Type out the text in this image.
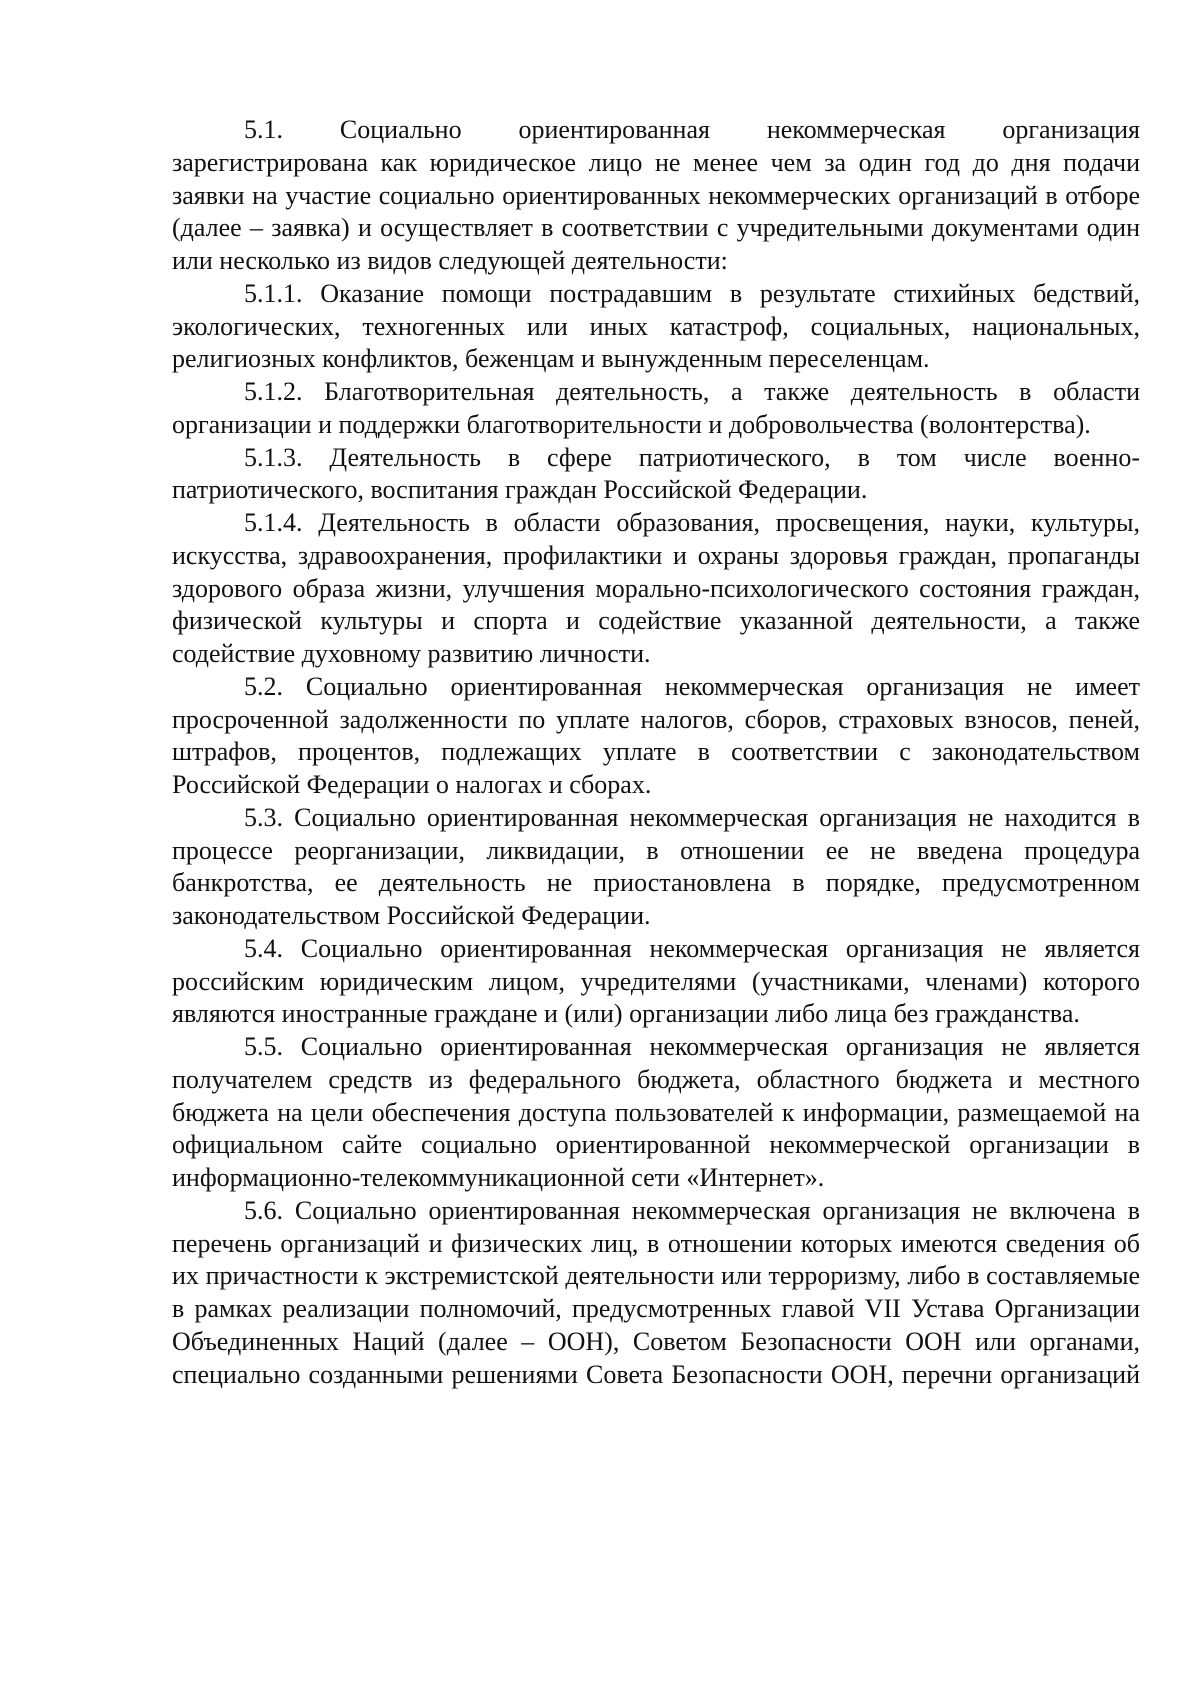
5.1. Социально ориентированная некоммерческая организация зарегистрирована как юридическое лицо не менее чем за один год до дня подачи заявки на участие социально ориентированных некоммерческих организаций в отборе (далее – заявка) и осуществляет в соответствии с учредительными документами один или несколько из видов следующей деятельности:

5.1.1. Оказание помощи пострадавшим в результате стихийных бедствий, экологических, техногенных или иных катастроф, социальных, национальных, религиозных конфликтов, беженцам и вынужденным переселенцам.

5.1.2. Благотворительная деятельность, а также деятельность в области организации и поддержки благотворительности и добровольчества (волонтерства).

5.1.3. Деятельность в сфере патриотического, в том числе военно-патриотического, воспитания граждан Российской Федерации.

5.1.4. Деятельность в области образования, просвещения, науки, культуры, искусства, здравоохранения, профилактики и охраны здоровья граждан, пропаганды здорового образа жизни, улучшения морально-психологического состояния граждан, физической культуры и спорта и содействие указанной деятельности, а также содействие духовному развитию личности.

5.2. Социально ориентированная некоммерческая организация не имеет просроченной задолженности по уплате налогов, сборов, страховых взносов, пеней, штрафов, процентов, подлежащих уплате в соответствии с законодательством Российской Федерации о налогах и сборах.

5.3. Социально ориентированная некоммерческая организация не находится в процессе реорганизации, ликвидации, в отношении ее не введена процедура банкротства, ее деятельность не приостановлена в порядке, предусмотренном законодательством Российской Федерации.

5.4. Социально ориентированная некоммерческая организация не является российским юридическим лицом, учредителями (участниками, членами) которого являются иностранные граждане и (или) организации либо лица без гражданства.

5.5. Социально ориентированная некоммерческая организация не является получателем средств из федерального бюджета, областного бюджета и местного бюджета на цели обеспечения доступа пользователей к информации, размещаемой на официальном сайте социально ориентированной некоммерческой организации в информационно-телекоммуникационной сети «Интернет».

5.6. Социально ориентированная некоммерческая организация не включена в перечень организаций и физических лиц, в отношении которых имеются сведения об их причастности к экстремистской деятельности или терроризму, либо в составляемые в рамках реализации полномочий, предусмотренных главой VII Устава Организации Объединенных Наций (далее – ООН), Советом Безопасности ООН или органами, специально созданными решениями Совета Безопасности ООН, перечни организаций
